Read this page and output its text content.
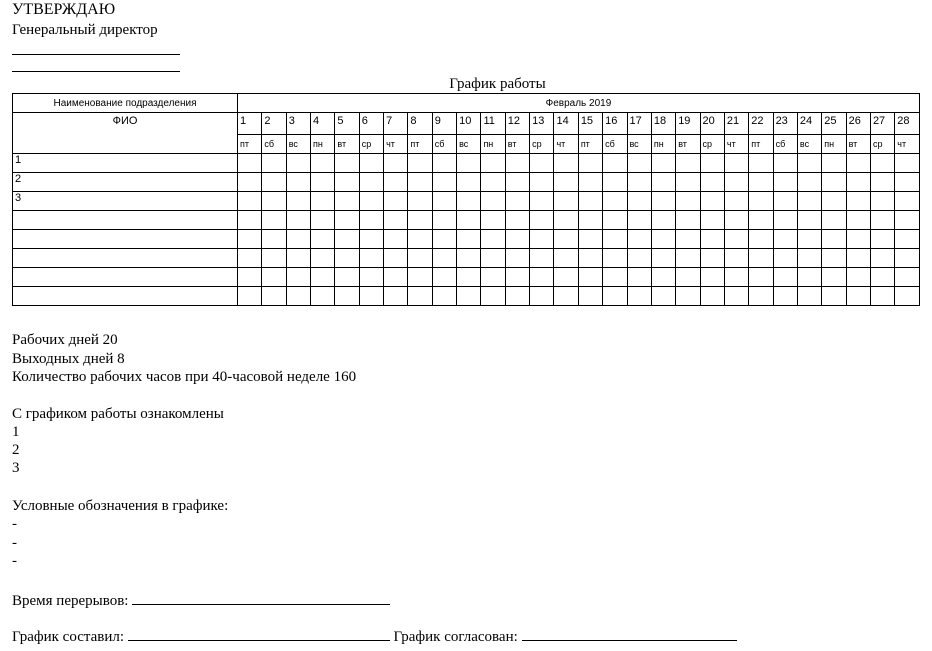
УТВЕРЖДАЮ
Генеральный директор
График работы
Наименование подразделения	Февраль 2019																											
ФИО	1	2	3	4	5	6	7	8	9	10	11	12	13	14	15	16	17	18	19	20	21	22	23	24	25	26	27	28
	пт	сб	вс	пн	вт	ср	чт	пт	сб	вс	пн	вт	ср	чт	пт	сб	вс	пн	вт	ср	чт	пт	сб	вс	пн	вт	ср	чт
1																												
2																												
3																												

Рабочих дней 20
Выходных дней 8
Количество рабочих часов при 40-часовой неделе 160
С графиком работы ознакомлены
1
2
3
Условные обозначения в графике:
-
-
-
Время перерывов:
График составил:	График согласован:
